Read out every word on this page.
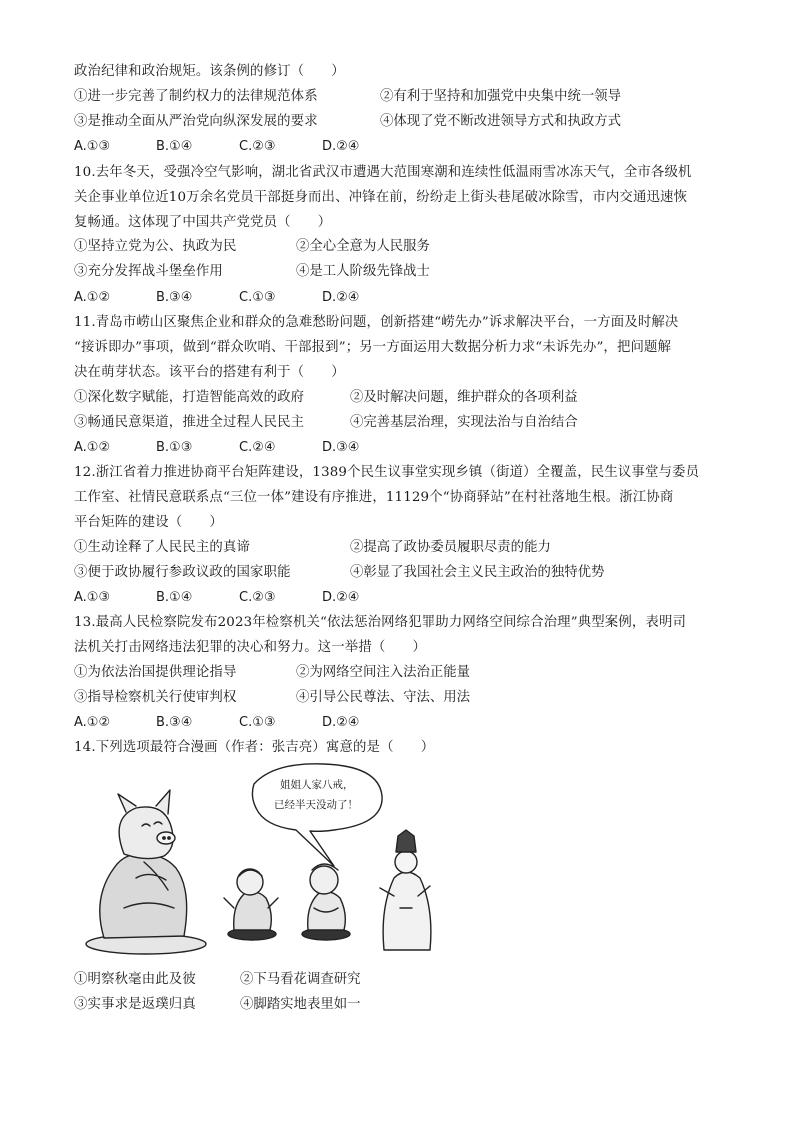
政治纪律和政治规矩。该条例的修订（　　）
①进一步完善了制约权力的法律规范体系	②有利于坚持和加强党中央集中统一领导
③是推动全面从严治党向纵深发展的要求	④体现了党不断改进领导方式和执政方式
A.①③	B.①④	C.②③	D.②④
10.去年冬天，受强冷空气影响，湖北省武汉市遭遇大范围寒潮和连续性低温雨雪冰冻天气，全市各级机
关企事业单位近10万余名党员干部挺身而出、冲锋在前，纷纷走上街头巷尾破冰除雪，市内交通迅速恢
复畅通。这体现了中国共产党党员（　　）
①坚持立党为公、执政为民	②全心全意为人民服务
③充分发挥战斗堡垒作用	④是工人阶级先锋战士
A.①②	B.③④	C.①③	D.②④
11.青岛市崂山区聚焦企业和群众的急难愁盼问题，创新搭建“崂先办”诉求解决平台，一方面及时解决
“接诉即办”事项，做到“群众吹哨、干部报到”；另一方面运用大数据分析力求“未诉先办”，把问题解
决在萌芽状态。该平台的搭建有利于（　　）
①深化数字赋能，打造智能高效的政府	②及时解决问题，维护群众的各项利益
③畅通民意渠道，推进全过程人民民主	④完善基层治理，实现法治与自治结合
A.①②	B.①③	C.②④	D.③④
12.浙江省着力推进协商平台矩阵建设，1389个民生议事堂实现乡镇（街道）全覆盖，民生议事堂与委员
工作室、社情民意联系点“三位一体”建设有序推进，11129个“协商驿站”在村社落地生根。浙江协商
平台矩阵的建设（　　）
①生动诠释了人民民主的真谛	②提高了政协委员履职尽责的能力
③便于政协履行参政议政的国家职能	④彰显了我国社会主义民主政治的独特优势
A.①③	B.①④	C.②③	D.②④
13.最高人民检察院发布2023年检察机关“依法惩治网络犯罪助力网络空间综合治理”典型案例，表明司
法机关打击网络违法犯罪的决心和努力。这一举措（　　）
①为依法治国提供理论指导	②为网络空间注入法治正能量
③指导检察机关行使审判权	④引导公民尊法、守法、用法
A.①②	B.③④	C.①③	D.②④
14.下列选项最符合漫画（作者：张吉亮）寓意的是（　　）
姐姐人家八戒，
已经半天没动了！
①明察秋毫由此及彼	②下马看花调查研究
③实事求是返璞归真	④脚踏实地表里如一
